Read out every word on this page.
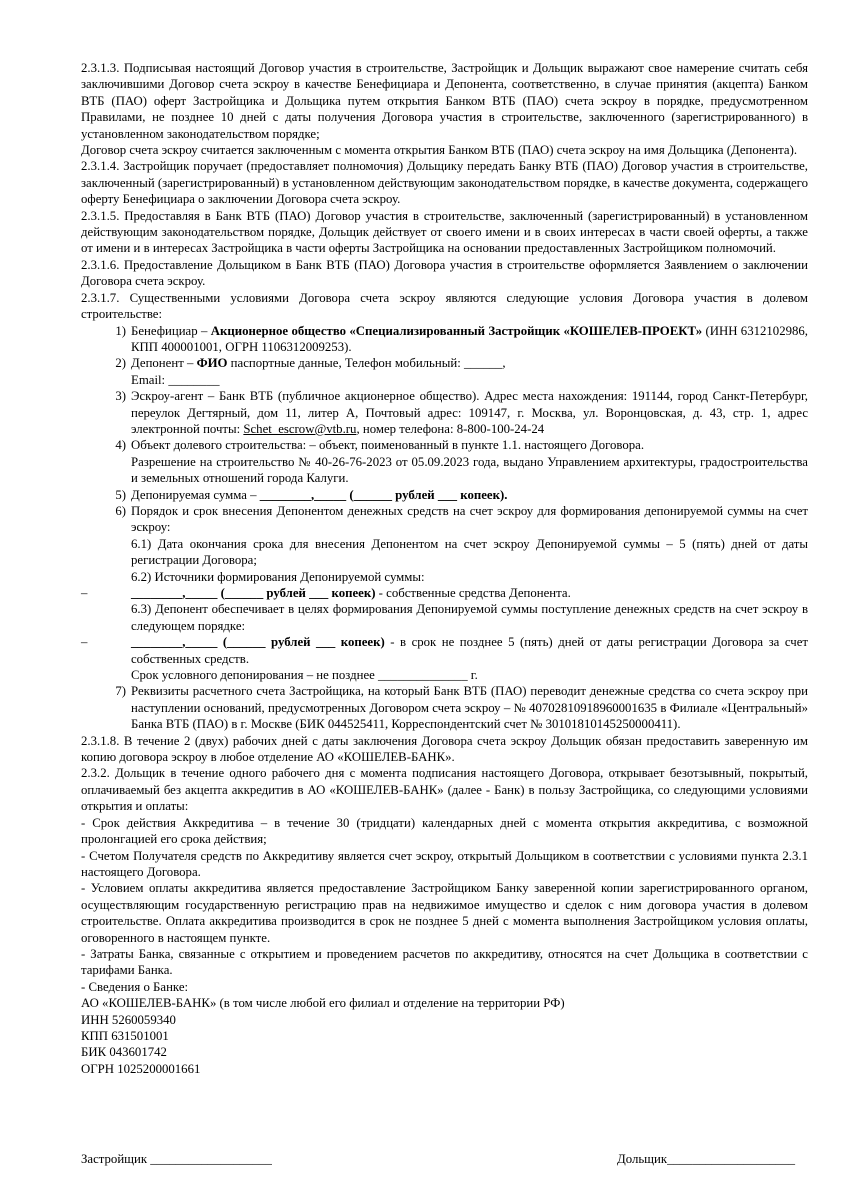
2.3.1.3. Подписывая настоящий Договор участия в строительстве, Застройщик и Дольщик выражают свое намерение считать себя заключившими Договор счета эскроу в качестве Бенефициара и Депонента, соответственно, в случае принятия (акцепта) Банком ВТБ (ПАО) оферт Застройщика и Дольщика путем открытия Банком ВТБ (ПАО) счета эскроу в порядке, предусмотренном Правилами, не позднее 10 дней с даты получения Договора участия в строительстве, заключенного (зарегистрированного) в установленном законодательством порядке;

Договор счета эскроу считается заключенным с момента открытия Банком ВТБ (ПАО) счета эскроу на имя Дольщика (Депонента).

2.3.1.4. Застройщик поручает (предоставляет полномочия) Дольщику передать Банку ВТБ (ПАО) Договор участия в строительстве, заключенный (зарегистрированный) в установленном действующим законодательством порядке, в качестве документа, содержащего оферту Бенефициара о заключении Договора счета эскроу.

2.3.1.5. Предоставляя в Банк ВТБ (ПАО) Договор участия в строительстве, заключенный (зарегистрированный) в установленном действующим законодательством порядке, Дольщик действует от своего имени и в своих интересах в части своей оферты, а также от имени и в интересах Застройщика в части оферты Застройщика на основании предоставленных Застройщиком полномочий.

2.3.1.6. Предоставление Дольщиком в Банк ВТБ (ПАО) Договора участия в строительстве оформляется Заявлением о заключении Договора счета эскроу.

2.3.1.7. Существенными условиями Договора счета эскроу являются следующие условия Договора участия в долевом строительстве:

1) Бенефициар – Акционерное общество «Специализированный Застройщик «КОШЕЛЕВ-ПРОЕКТ» (ИНН 6312102986, КПП 400001001, ОГРН 1106312009253).
2) Депонент – ФИО паспортные данные, Телефон мобильный: ______,
Email: ________
3) Эскроу-агент – Банк ВТБ (публичное акционерное общество). Адрес места нахождения: 191144, город Санкт-Петербург, переулок Дегтярный, дом 11, литер А, Почтовый адрес: 109147, г. Москва, ул. Воронцовская, д. 43, стр. 1, адрес электронной почты: Schet_escrow@vtb.ru, номер телефона: 8-800-100-24-24
4) Объект долевого строительства: – объект, поименованный в пункте 1.1. настоящего Договора.
Разрешение на строительство № 40-26-76-2023 от 05.09.2023 года, выдано Управлением архитектуры, градостроительства и земельных отношений города Калуги.
5) Депонируемая сумма – ________,_____ (______ рублей ___ копеек).
6) Порядок и срок внесения Депонентом денежных средств на счет эскроу для формирования депонируемой суммы на счет эскроу:
6.1) Дата окончания срока для внесения Депонентом на счет эскроу Депонируемой суммы – 5 (пять) дней от даты регистрации Договора;
6.2) Источники формирования Депонируемой суммы:
–	________,_____ (______ рублей ___ копеек) - собственные средства Депонента.
6.3) Депонент обеспечивает в целях формирования Депонируемой суммы поступление денежных средств на счет эскроу в следующем порядке:
–	________,_____ (______ рублей ___ копеек) - в срок не позднее 5 (пять) дней от даты регистрации Договора за счет собственных средств.
Срок условного депонирования – не позднее ______________ г.
7) Реквизиты расчетного счета Застройщика, на который Банк ВТБ (ПАО) переводит денежные средства со счета эскроу при наступлении оснований, предусмотренных Договором счета эскроу – № 40702810918960001635 в Филиале «Центральный» Банка ВТБ (ПАО) в г. Москве (БИК 044525411, Корреспондентский счет № 30101810145250000411).

2.3.1.8. В течение 2 (двух) рабочих дней с даты заключения Договора счета эскроу Дольщик обязан предоставить заверенную им копию договора эскроу в любое отделение АО «КОШЕЛЕВ-БАНК».

2.3.2. Дольщик в течение одного рабочего дня с момента подписания настоящего Договора, открывает безотзывный, покрытый, оплачиваемый без акцепта аккредитив в АО «КОШЕЛЕВ-БАНК» (далее - Банк) в пользу Застройщика, со следующими условиями открытия и оплаты:

- Срок действия Аккредитива – в течение 30 (тридцати) календарных дней с момента открытия аккредитива, с возможной пролонгацией его срока действия;

- Счетом Получателя средств по Аккредитиву является счет эскроу, открытый Дольщиком в соответствии с условиями пункта 2.3.1 настоящего Договора.

- Условием оплаты аккредитива является предоставление Застройщиком Банку заверенной копии зарегистрированного органом, осуществляющим государственную регистрацию прав на недвижимое имущество и сделок с ним договора участия в долевом строительстве. Оплата аккредитива производится в срок не позднее 5 дней с момента выполнения Застройщиком условия оплаты, оговоренного в настоящем пункте.

- Затраты Банка, связанные с открытием и проведением расчетов по аккредитиву, относятся на счет Дольщика в соответствии с тарифами Банка.

- Сведения о Банке:

АО «КОШЕЛЕВ-БАНК» (в том числе любой его филиал и отделение на территории РФ)

ИНН 5260059340

КПП 631501001

БИК 043601742

ОГРН 1025200001661

Застройщик ___________________	Дольщик____________________
